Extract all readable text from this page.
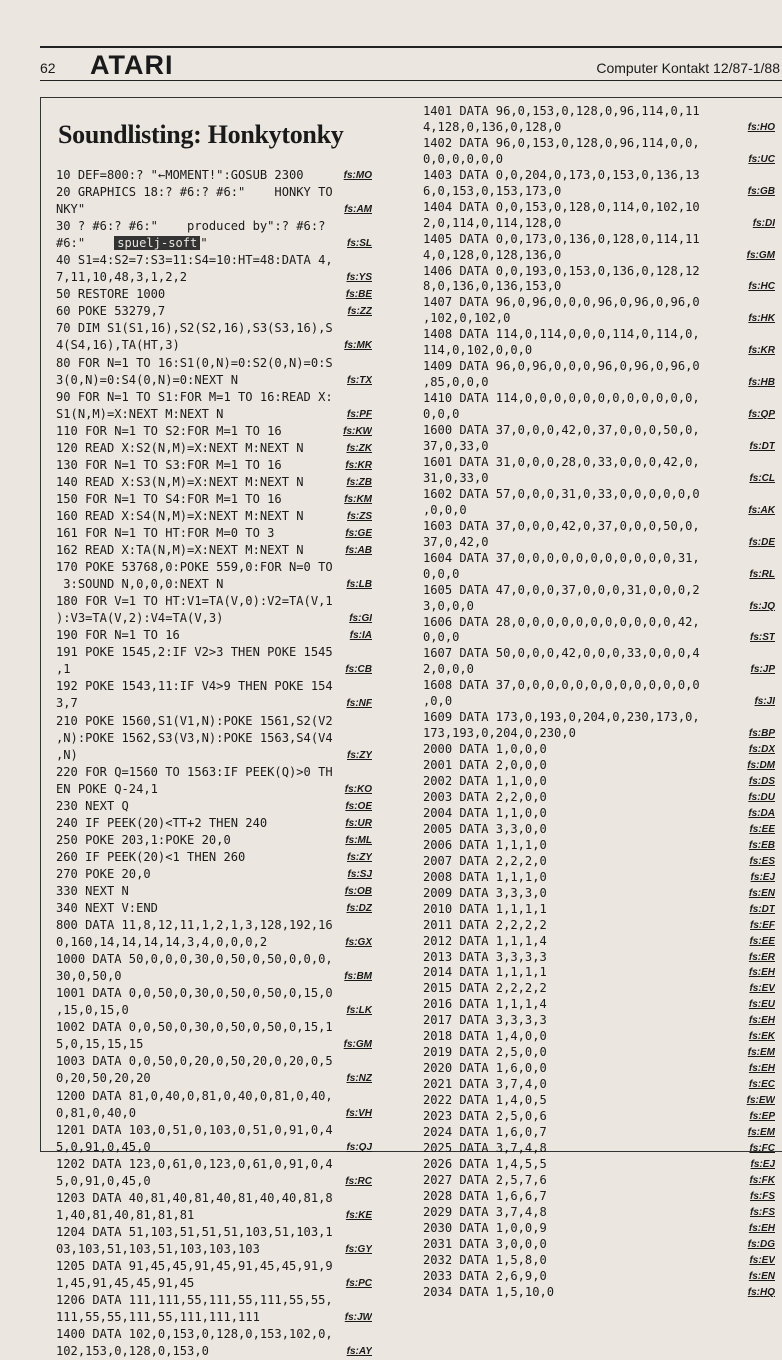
62 ATARI	Computer Kontakt 12/87-1/88
Soundlisting: Honkytonky
10 DEF=800:? "←MOMENT!":GOSUB 2300	fs:MO
20 GRAPHICS 18:? #6:? #6:"    HONKY TO
NKY"	fs:AM
30 ? #6:? #6:"    produced by":? #6:?
#6:"    spuelj-soft "	fs:SL
40 S1=4:S2=7:S3=11:S4=10:HT=48:DATA 4,
7,11,10,48,3,1,2,2	fs:YS
50 RESTORE 1000	fs:BE
60 POKE 53279,7	fs:ZZ
70 DIM S1(S1,16),S2(S2,16),S3(S3,16),S
4(S4,16),TA(HT,3)	fs:MK
80 FOR N=1 TO 16:S1(0,N)=0:S2(0,N)=0:S
3(0,N)=0:S4(0,N)=0:NEXT N	fs:TX
90 FOR N=1 TO S1:FOR M=1 TO 16:READ X:
S1(N,M)=X:NEXT M:NEXT N	fs:PF
110 FOR N=1 TO S2:FOR M=1 TO 16	fs:KW
120 READ X:S2(N,M)=X:NEXT M:NEXT N	fs:ZK
130 FOR N=1 TO S3:FOR M=1 TO 16	fs:KR
140 READ X:S3(N,M)=X:NEXT M:NEXT N	fs:ZB
150 FOR N=1 TO S4:FOR M=1 TO 16	fs:KM
160 READ X:S4(N,M)=X:NEXT M:NEXT N	fs:ZS
161 FOR N=1 TO HT:FOR M=0 TO 3	fs:GE
162 READ X:TA(N,M)=X:NEXT M:NEXT N	fs:AB
170 POKE 53768,0:POKE 559,0:FOR N=0 TO
3:SOUND N,0,0,0:NEXT N	fs:LB
180 FOR V=1 TO HT:V1=TA(V,0):V2=TA(V,1
):V3=TA(V,2):V4=TA(V,3)	fs:GI
190 FOR N=1 TO 16	fs:IA
191 POKE 1545,2:IF V2>3 THEN POKE 1545
,1	fs:CB
192 POKE 1543,11:IF V4>9 THEN POKE 154
3,7	fs:NF
210 POKE 1560,S1(V1,N):POKE 1561,S2(V2
,N):POKE 1562,S3(V3,N):POKE 1563,S4(V4
,N)	fs:ZY
220 FOR Q=1560 TO 1563:IF PEEK(Q)>0 TH
EN POKE Q-24,1	fs:KO
230 NEXT Q	fs:OE
240 IF PEEK(20)<TT+2 THEN 240	fs:UR
250 POKE 203,1:POKE 20,0	fs:ML
260 IF PEEK(20)<1 THEN 260	fs:ZY
270 POKE 20,0	fs:SJ
330 NEXT N	fs:OB
340 NEXT V:END	fs:DZ
800 DATA 11,8,12,11,1,2,1,3,128,192,16
0,160,14,14,14,14,3,4,0,0,0,2	fs:GX
1000 DATA 50,0,0,0,30,0,50,0,50,0,0,0,
30,0,50,0	fs:BM
1001 DATA 0,0,50,0,30,0,50,0,50,0,15,0
,15,0,15,0	fs:LK
1002 DATA 0,0,50,0,30,0,50,0,50,0,15,1
5,0,15,15,15	fs:GM
1003 DATA 0,0,50,0,20,0,50,20,0,20,0,5
0,20,50,20,20	fs:NZ
1200 DATA 81,0,40,0,81,0,40,0,81,0,40,
0,81,0,40,0	fs:VH
1201 DATA 103,0,51,0,103,0,51,0,91,0,4
5,0,91,0,45,0	fs:QJ
1202 DATA 123,0,61,0,123,0,61,0,91,0,4
5,0,91,0,45,0	fs:RC
1203 DATA 40,81,40,81,40,81,40,40,81,8
1,40,81,40,81,81,81	fs:KE
1204 DATA 51,103,51,51,51,103,51,103,1
03,103,51,103,51,103,103,103	fs:GY
1205 DATA 91,45,45,91,45,91,45,45,91,9
1,45,91,45,45,91,45	fs:PC
1206 DATA 111,111,55,111,55,111,55,55,
111,55,55,111,55,111,111,111	fs:JW
1400 DATA 102,0,153,0,128,0,153,102,0,
102,153,0,128,0,153,0	fs:AY
1401 DATA 96,0,153,0,128,0,96,114,0,11
4,128,0,136,0,128,0	fs:HO
1402 DATA 96,0,153,0,128,0,96,114,0,0,
0,0,0,0,0,0	fs:UC
1403 DATA 0,0,204,0,173,0,153,0,136,13
6,0,153,0,153,173,0	fs:GB
1404 DATA 0,0,153,0,128,0,114,0,102,10
2,0,114,0,114,128,0	fs:DI
1405 DATA 0,0,173,0,136,0,128,0,114,11
4,0,128,0,128,136,0	fs:GM
1406 DATA 0,0,193,0,153,0,136,0,128,12
8,0,136,0,136,153,0	fs:HC
1407 DATA 96,0,96,0,0,0,96,0,96,0,96,0
,102,0,102,0	fs:HK
1408 DATA 114,0,114,0,0,0,114,0,114,0,
114,0,102,0,0,0	fs:KR
1409 DATA 96,0,96,0,0,0,96,0,96,0,96,0
,85,0,0,0	fs:HB
1410 DATA 114,0,0,0,0,0,0,0,0,0,0,0,0,
0,0,0	fs:QP
1600 DATA 37,0,0,0,42,0,37,0,0,0,50,0,
37,0,33,0	fs:DT
1601 DATA 31,0,0,0,28,0,33,0,0,0,42,0,
31,0,33,0	fs:CL
1602 DATA 57,0,0,0,31,0,33,0,0,0,0,0,0
,0,0,0	fs:AK
1603 DATA 37,0,0,0,42,0,37,0,0,0,50,0,
37,0,42,0	fs:DE
1604 DATA 37,0,0,0,0,0,0,0,0,0,0,0,31,
0,0,0	fs:RL
1605 DATA 47,0,0,0,37,0,0,0,31,0,0,0,2
3,0,0,0	fs:JQ
1606 DATA 28,0,0,0,0,0,0,0,0,0,0,0,42,
0,0,0	fs:ST
1607 DATA 50,0,0,0,42,0,0,0,33,0,0,0,4
2,0,0,0	fs:JP
1608 DATA 37,0,0,0,0,0,0,0,0,0,0,0,0,0
,0,0	fs:JI
1609 DATA 173,0,193,0,204,0,230,173,0,
173,193,0,204,0,230,0	fs:BP
2000 DATA 1,0,0,0	fs:DX
2001 DATA 2,0,0,0	fs:DM
2002 DATA 1,1,0,0	fs:DS
2003 DATA 2,2,0,0	fs:DU
2004 DATA 1,1,0,0	fs:DA
2005 DATA 3,3,0,0	fs:EE
2006 DATA 1,1,1,0	fs:EB
2007 DATA 2,2,2,0	fs:ES
2008 DATA 1,1,1,0	fs:EJ
2009 DATA 3,3,3,0	fs:EN
2010 DATA 1,1,1,1	fs:DT
2011 DATA 2,2,2,2	fs:EF
2012 DATA 1,1,1,4	fs:EE
2013 DATA 3,3,3,3	fs:ER
2014 DATA 1,1,1,1	fs:EH
2015 DATA 2,2,2,2	fs:EV
2016 DATA 1,1,1,4	fs:EU
2017 DATA 3,3,3,3	fs:EH
2018 DATA 1,4,0,0	fs:EK
2019 DATA 2,5,0,0	fs:EM
2020 DATA 1,6,0,0	fs:EH
2021 DATA 3,7,4,0	fs:EC
2022 DATA 1,4,0,5	fs:EW
2023 DATA 2,5,0,6	fs:EP
2024 DATA 1,6,0,7	fs:EM
2025 DATA 3,7,4,8	fs:FC
2026 DATA 1,4,5,5	fs:EJ
2027 DATA 2,5,7,6	fs:FK
2028 DATA 1,6,6,7	fs:FS
2029 DATA 3,7,4,8	fs:FS
2030 DATA 1,0,0,9	fs:EH
2031 DATA 3,0,0,0	fs:DG
2032 DATA 1,5,8,0	fs:EV
2033 DATA 2,6,9,0	fs:EN
2034 DATA 1,5,10,0	fs:HQ
